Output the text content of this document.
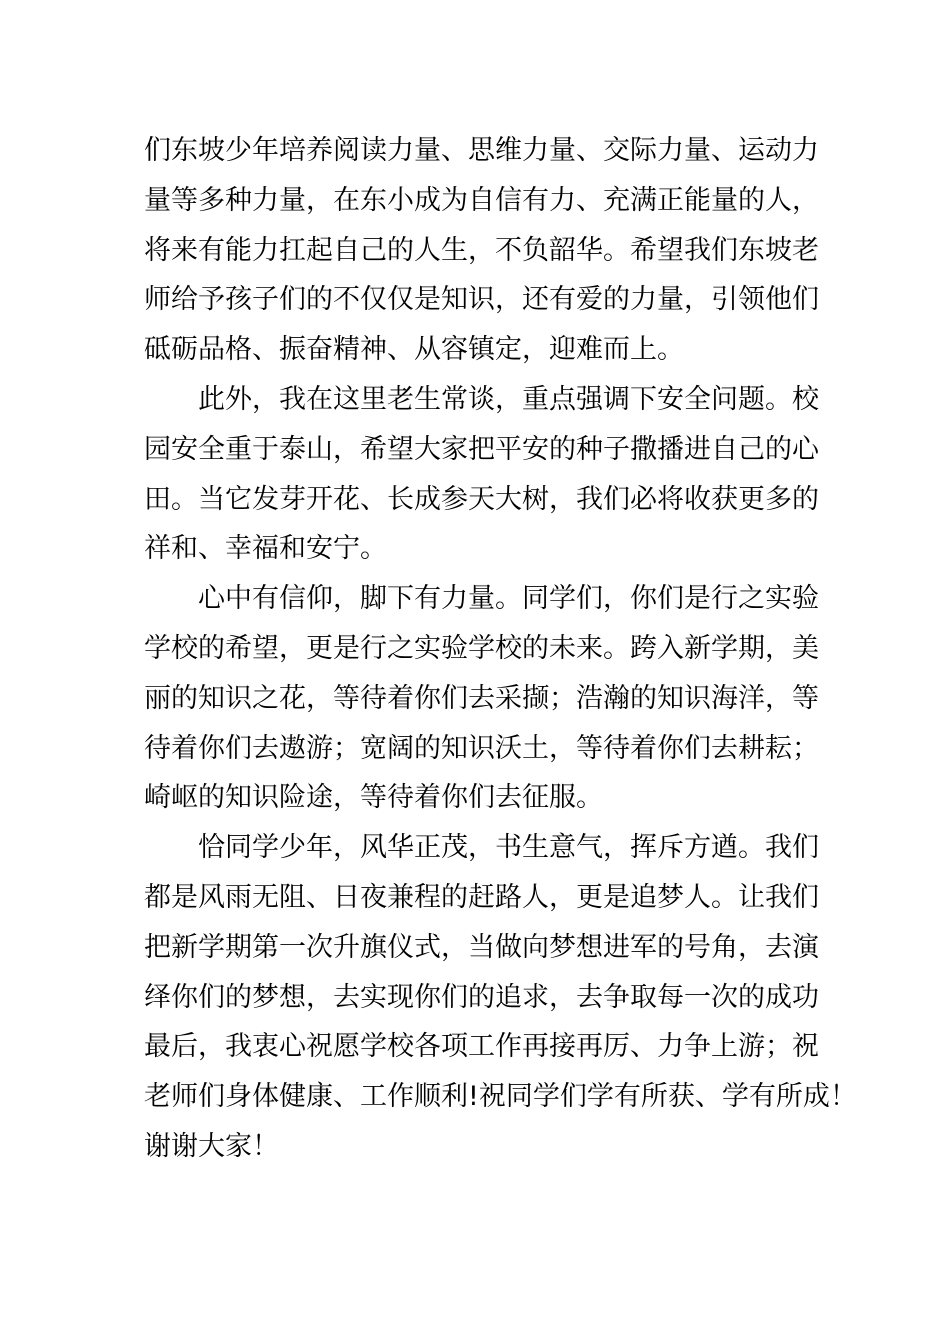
们东坡少年培养阅读力量、思维力量、交际力量、运动力
量等多种力量，在东小成为自信有力、充满正能量的人，
将来有能力扛起自己的人生，不负韶华。希望我们东坡老
师给予孩子们的不仅仅是知识，还有爱的力量，引领他们
砥砺品格、振奋精神、从容镇定，迎难而上。
此外，我在这里老生常谈，重点强调下安全问题。校
园安全重于泰山，希望大家把平安的种子撒播进自己的心
田。当它发芽开花、长成参天大树，我们必将收获更多的
祥和、幸福和安宁。
心中有信仰，脚下有力量。同学们，你们是行之实验
学校的希望，更是行之实验学校的未来。跨入新学期，美
丽的知识之花，等待着你们去采撷；浩瀚的知识海洋，等
待着你们去遨游；宽阔的知识沃土，等待着你们去耕耘；
崎岖的知识险途，等待着你们去征服。
恰同学少年，风华正茂，书生意气，挥斥方遒。我们
都是风雨无阻、日夜兼程的赶路人，更是追梦人。让我们
把新学期第一次升旗仪式，当做向梦想进军的号角，去演
绎你们的梦想，去实现你们的追求，去争取每一次的成功
最后，我衷心祝愿学校各项工作再接再厉、力争上游；祝
老师们身体健康、工作顺利!祝同学们学有所获、学有所成！
谢谢大家！
